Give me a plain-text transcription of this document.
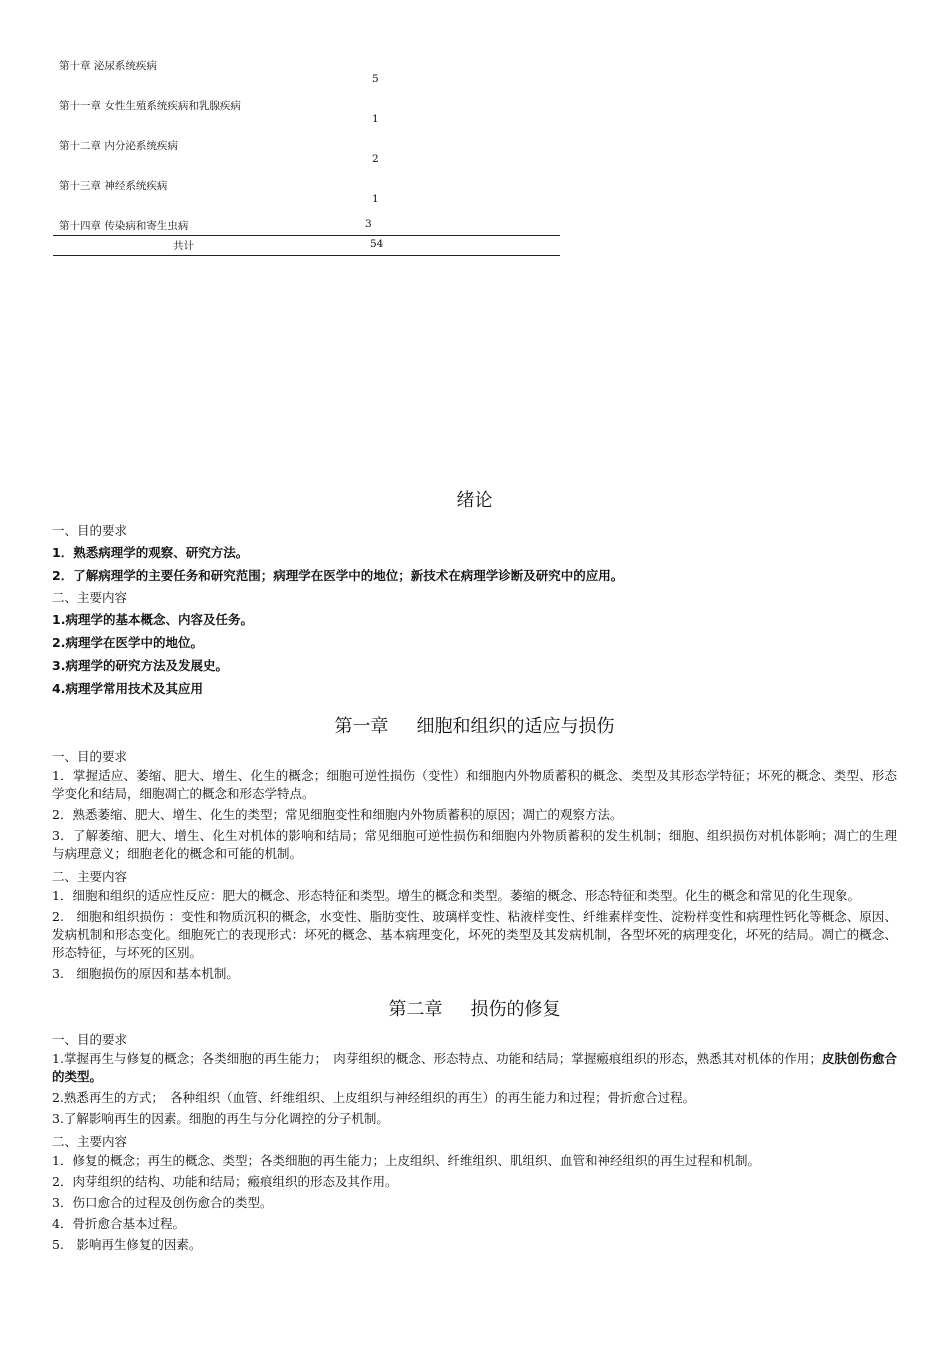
第十章 泌尿系统疾病
5
第十一章 女性生殖系统疾病和乳腺疾病
1
第十二章 内分泌系统疾病
2
第十三章 神经系统疾病
1
第十四章 传染病和寄生虫病	3
共计	54
绪论

一、目的要求

1．熟悉病理学的观察、研究方法。

2．了解病理学的主要任务和研究范围；病理学在医学中的地位；新技术在病理学诊断及研究中的应用。

二、主要内容

1.病理学的基本概念、内容及任务。

2.病理学在医学中的地位。

3.病理学的研究方法及发展史。

4.病理学常用技术及其应用

第一章 细胞和组织的适应与损伤

一、目的要求

1．掌握适应、萎缩、肥大、增生、化生的概念；细胞可逆性损伤（变性）和细胞内外物质蓄积的概念、类型及其形态学特征；坏死的概念、类型、形态学变化和结局，细胞凋亡的概念和形态学特点。

2．熟悉萎缩、肥大、增生、化生的类型；常见细胞变性和细胞内外物质蓄积的原因；凋亡的观察方法。

3．了解萎缩、肥大、增生、化生对机体的影响和结局；常见细胞可逆性损伤和细胞内外物质蓄积的发生机制；细胞、组织损伤对机体影响；凋亡的生理与病理意义；细胞老化的概念和可能的机制。

二、主要内容

1．细胞和组织的适应性反应：肥大的概念、形态特征和类型。增生的概念和类型。萎缩的概念、形态特征和类型。化生的概念和常见的化生现象。

2.　细胞和组织损伤 ：变性和物质沉积的概念，水变性、脂肪变性、玻璃样变性、粘液样变性、纤维素样变性、淀粉样变性和病理性钙化等概念、原因、发病机制和形态变化。细胞死亡的表现形式：坏死的概念、基本病理变化，坏死的类型及其发病机制，各型坏死的病理变化，坏死的结局。凋亡的概念、形态特征，与坏死的区别。

3.　细胞损伤的原因和基本机制。

第二章 损伤的修复

一、目的要求

1.掌握再生与修复的概念；各类细胞的再生能力；　肉芽组织的概念、形态特点、功能和结局；掌握瘢痕组织的形态，熟悉其对机体的作用；皮肤创伤愈合的类型。

2.熟悉再生的方式；　各种组织（血管、纤维组织、上皮组织与神经组织的再生）的再生能力和过程；骨折愈合过程。

3.了解影响再生的因素。细胞的再生与分化调控的分子机制。

二、主要内容

1．修复的概念；再生的概念、类型；各类细胞的再生能力；上皮组织、纤维组织、肌组织、血管和神经组织的再生过程和机制。

2．肉芽组织的结构、功能和结局；瘢痕组织的形态及其作用。

3．伤口愈合的过程及创伤愈合的类型。

4．骨折愈合基本过程。

5.　影响再生修复的因素。
